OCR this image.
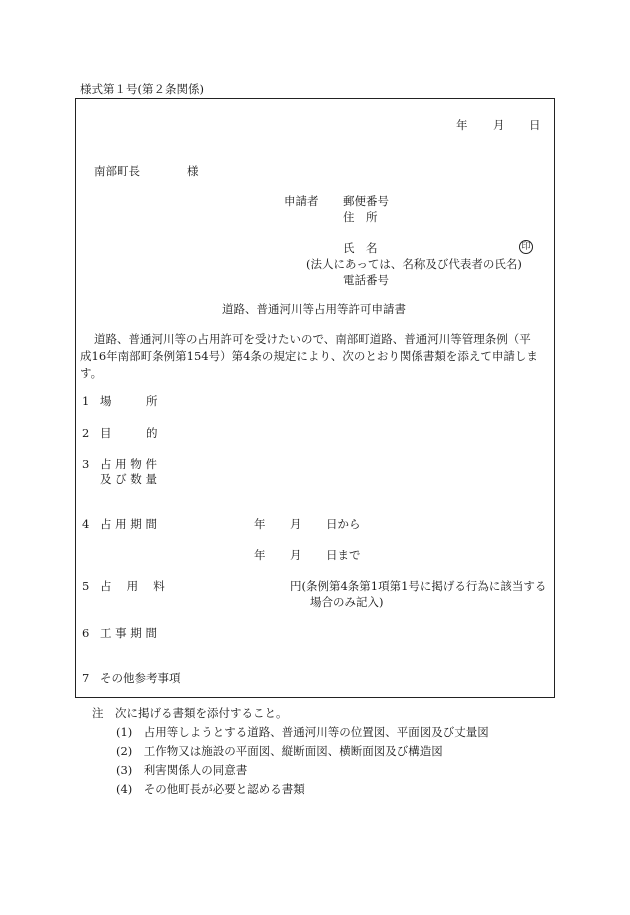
様式第１号(第２条関係)
年 月 日
南部町長	様
申請者 郵便番号
住　所
氏　名	印
(法人にあっては、名称及び代表者の氏名)
電話番号
道路、普通河川等占用等許可申請書
道路、普通河川等の占用許可を受けたいので、南部町道路、普通河川等管理条例（平
成16年南部町条例第154号）第4条の規定により、次のとおり関係書類を添えて申請しま
す。
1 場　　　所
2 目　　　的
3 占 用 物 件
及 び 数 量
4 占 用 期 間	年 月 日から
年 月 日まで
5 占　 用 　料	円(条例第4条第1項第1号に掲げる行為に該当する
場合のみ記入)
6 工 事 期 間
7 その他参考事項
注　次に掲げる書類を添付すること。
(1)　占用等しようとする道路、普通河川等の位置図、平面図及び丈量図
(2)　工作物又は施設の平面図、縦断面図、横断面図及び構造図
(3)　利害関係人の同意書
(4)　その他町長が必要と認める書類
